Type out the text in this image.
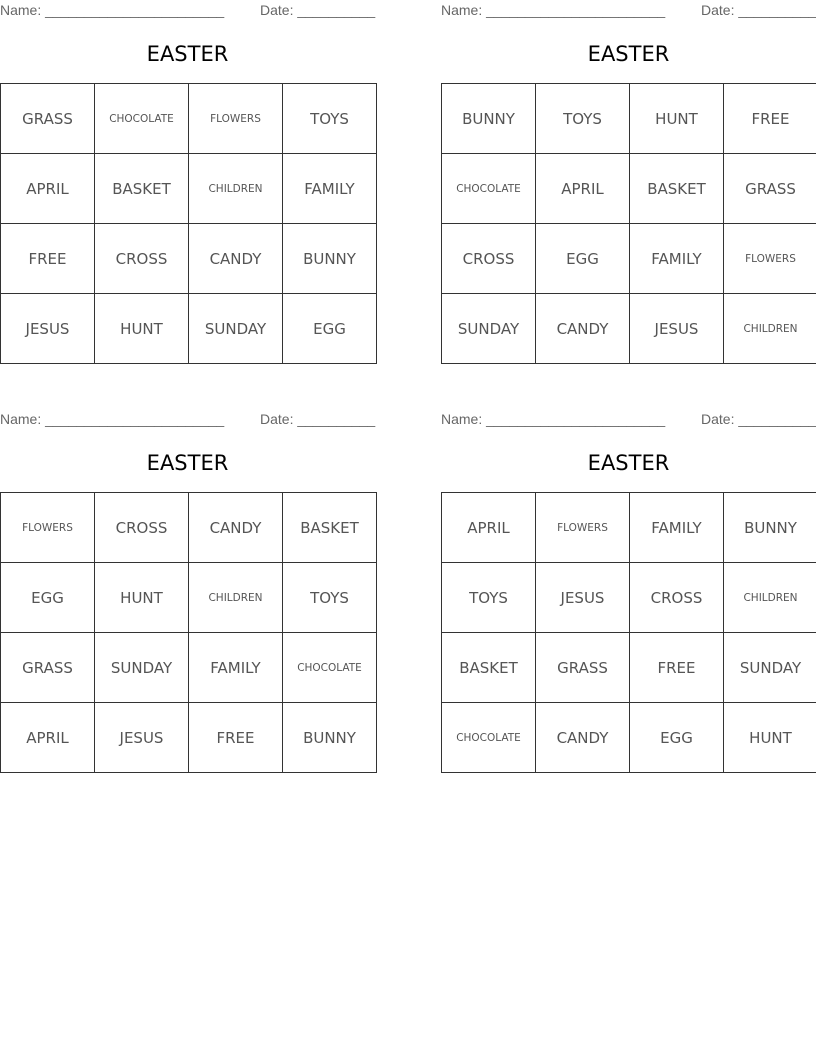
Name: _______________________	Date: __________
EASTER
GRASS	CHOCOLATE	FLOWERS	TOYS
APRIL	BASKET	CHILDREN	FAMILY
FREE	CROSS	CANDY	BUNNY
JESUS	HUNT	SUNDAY	EGG
Name: _______________________	Date: __________
EASTER
BUNNY	TOYS	HUNT	FREE
CHOCOLATE	APRIL	BASKET	GRASS
CROSS	EGG	FAMILY	FLOWERS
SUNDAY	CANDY	JESUS	CHILDREN
Name: _______________________	Date: __________
EASTER
FLOWERS	CROSS	CANDY	BASKET
EGG	HUNT	CHILDREN	TOYS
GRASS	SUNDAY	FAMILY	CHOCOLATE
APRIL	JESUS	FREE	BUNNY
Name: _______________________	Date: __________
EASTER
APRIL	FLOWERS	FAMILY	BUNNY
TOYS	JESUS	CROSS	CHILDREN
BASKET	GRASS	FREE	SUNDAY
CHOCOLATE	CANDY	EGG	HUNT
